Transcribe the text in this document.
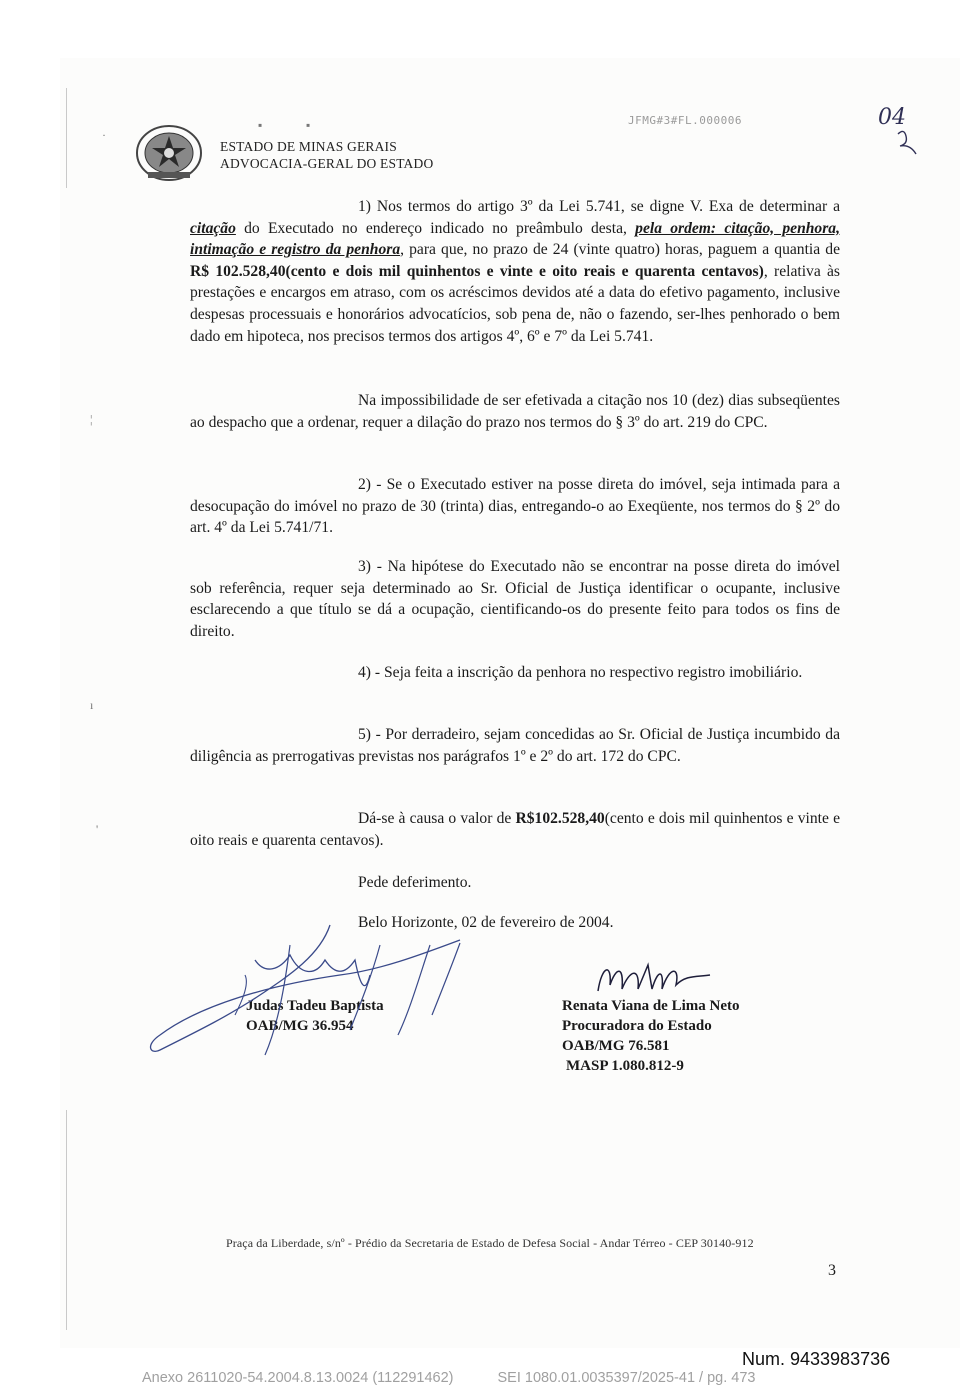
▪	▪
·
¦
ı
'
ESTADO DE MINAS GERAIS
ADVOCACIA-GERAL DO ESTADO
JFMG#3#FL.000006	04

1) Nos termos do artigo 3º da Lei 5.741, se digne V. Exa de determinar a citação do Executado no endereço indicado no preâmbulo desta, pela ordem: citação, penhora, intimação e registro da penhora, para que, no prazo de 24 (vinte quatro) horas, paguem a quantia de R$ 102.528,40(cento e dois mil quinhentos e vinte e oito reais e quarenta centavos), relativa às prestações e encargos em atraso, com os acréscimos devidos até a data do efetivo pagamento, inclusive despesas processuais e honorários advocatícios, sob pena de, não o fazendo, ser-lhes penhorado o bem dado em hipoteca, nos precisos termos dos artigos 4º, 6º e 7º da Lei 5.741.

Na impossibilidade de ser efetivada a citação nos 10 (dez) dias subseqüentes ao despacho que a ordenar, requer a dilação do prazo nos termos do § 3º do art. 219 do CPC.

2) - Se o Executado estiver na posse direta do imóvel, seja intimada para a desocupação do imóvel no prazo de 30 (trinta) dias, entregando-o ao Exeqüente, nos termos do § 2º do art. 4º da Lei 5.741/71.

3) - Na hipótese do Executado não se encontrar na posse direta do imóvel sob referência, requer seja determinado ao Sr. Oficial de Justiça identificar o ocupante, inclusive esclarecendo a que título se dá a ocupação, cientificando-os do presente feito para todos os fins de direito.

4) - Seja feita a inscrição da penhora no respectivo registro imobiliário.

5) - Por derradeiro, sejam concedidas ao Sr. Oficial de Justiça incumbido da diligência as prerrogativas previstas nos parágrafos 1º e 2º do art. 172 do CPC.

Dá-se à causa o valor de R$102.528,40(cento e dois mil quinhentos e vinte e oito reais e quarenta centavos).

Pede deferimento.

Belo Horizonte, 02 de fevereiro de 2004.

Judas Tadeu Baptista
OAB/MG 36.954
Renata Viana de Lima Neto
Procuradora do Estado
OAB/MG 76.581
MASP 1.080.812-9
Praça da Liberdade, s/nº - Prédio da Secretaria de Estado de Defesa Social - Andar Térreo - CEP 30140-912
3
Num. 9433983736
Anexo 2611020-54.2004.8.13.0024 (112291462)	SEI 1080.01.0035397/2025-41 / pg. 473
